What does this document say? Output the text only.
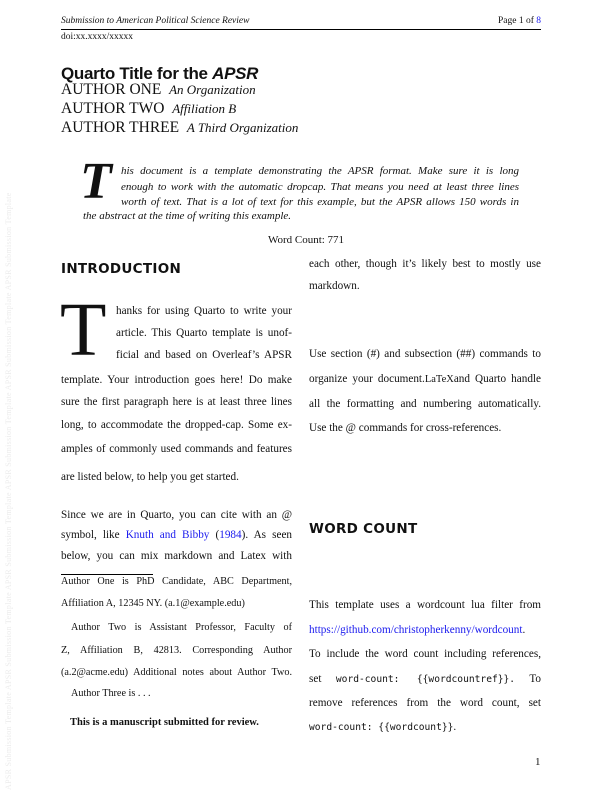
APSR Submission Template APSR Submission Template APSR Submission Template APSR Submission Template APSR Submission Template APSR Submission Template
Submission to American Political Science Review	Page 1 of 8
doi:xx.xxxx/xxxxx
Quarto Title for the APSR
AUTHOR ONE An Organization
AUTHOR TWO Affiliation B
AUTHOR THREE A Third Organization
T his document is a template demonstrating the APSR format. Make sure it is long
enough to work with the automatic dropcap. That means you need at least three lines
worth of text. That is a lot of text for this example, but the APSR allows 150 words in
the abstract at the time of writing this example.
Word Count: 771
INTRODUCTION
T hanks for using Quarto to write your
article. This Quarto template is unof-
ficial and based on Overleaf’s APSR
template. Your introduction goes here! Do make
sure the first paragraph here is at least three lines
long, to accommodate the dropped-cap. Some ex-
amples of commonly used commands and features
are listed below, to help you get started.
Since we are in Quarto, you can cite with an @
symbol, like Knuth and Bibby (1984). As seen
below, you can mix markdown and Latex with
Author One is PhD Candidate, ABC Department,
Affiliation A, 12345 NY. (a.1@example.edu)
Author Two is Assistant Professor, Faculty of
Z, Affiliation B, 42813. Corresponding Author
(a.2@acme.edu) Additional notes about Author Two.
Author Three is . . .
This is a manuscript submitted for review.
each other, though it’s likely best to mostly use
markdown.
Use section (#) and subsection (##) commands to
organize your document.LaTeXand Quarto handle
all the formatting and numbering automatically.
Use the @ commands for cross-references.
WORD COUNT
This template uses a wordcount lua filter from
https://github.com/christopherkenny/wordcount.
To include the word count including references,
set word-count: {{wordcountref}}. To
remove references from the word count, set
word-count: {{wordcount}}.
1
